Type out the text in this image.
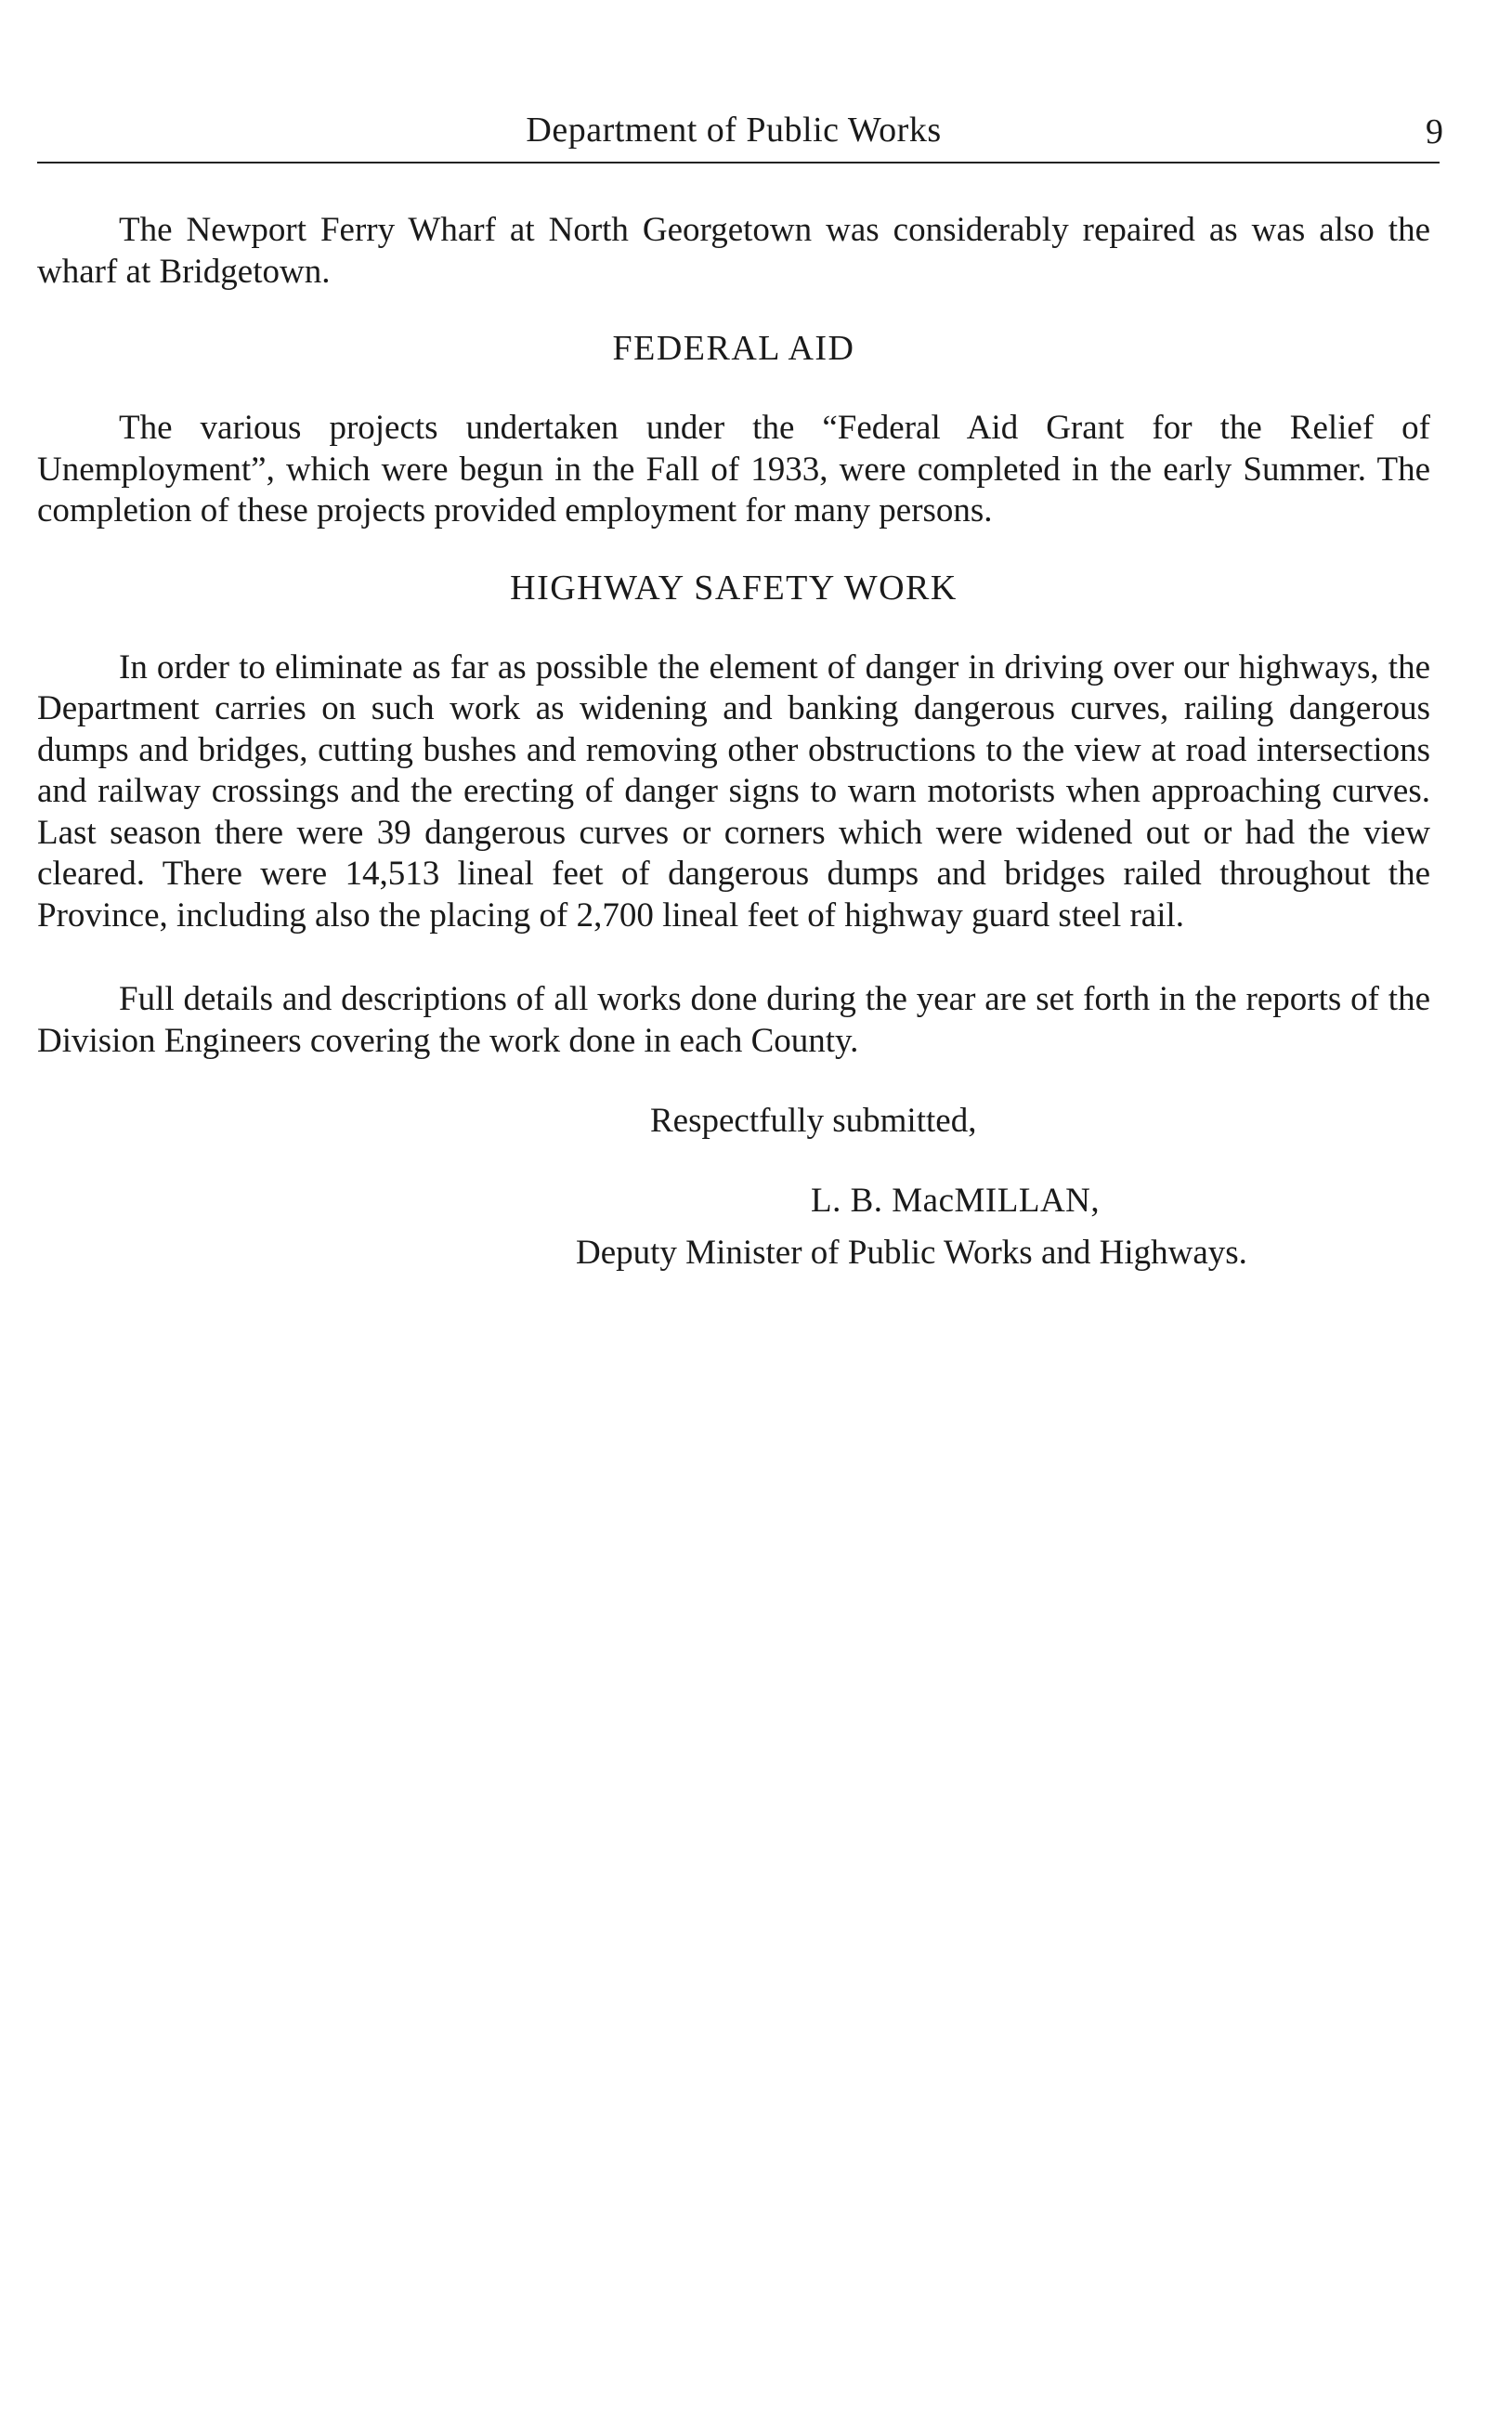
Department of Public Works	9

The Newport Ferry Wharf at North Georgetown was considerably repaired as was also the wharf at Bridgetown.

FEDERAL AID

The various projects undertaken under the “Federal Aid Grant for the Relief of Unemployment”, which were begun in the Fall of 1933, were completed in the early Summer. The completion of these projects provided employment for many persons.

HIGHWAY SAFETY WORK

In order to eliminate as far as possible the element of danger in driving over our highways, the Department carries on such work as widening and banking dangerous curves, railing dangerous dumps and bridges, cutting bushes and removing other obstructions to the view at road intersections and railway crossings and the erecting of danger signs to warn motorists when approaching curves. Last season there were 39 dangerous curves or corners which were widened out or had the view cleared. There were 14,513 lineal feet of dangerous dumps and bridges railed throughout the Province, including also the placing of 2,700 lineal feet of highway guard steel rail.

Full details and descriptions of all works done during the year are set forth in the reports of the Division Engineers covering the work done in each County.

Respectfully submitted,

L. B. MacMILLAN,

Deputy Minister of Public Works and Highways.
